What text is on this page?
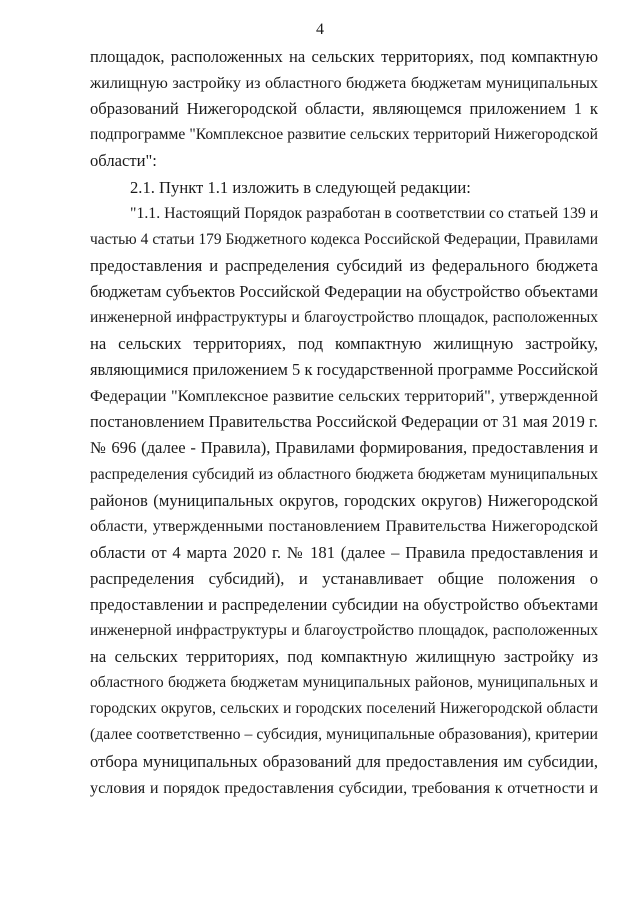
4
площадок, расположенных на сельских территориях, под компактную
жилищную застройку из областного бюджета бюджетам муниципальных
образований Нижегородской области, являющемся приложением 1 к
подпрограмме "Комплексное развитие сельских территорий Нижегородской
области":
2.1. Пункт 1.1 изложить в следующей редакции:
"1.1. Настоящий Порядок разработан в соответствии со статьей 139 и
частью 4 статьи 179 Бюджетного кодекса Российской Федерации, Правилами
предоставления и распределения субсидий из федерального бюджета
бюджетам субъектов Российской Федерации на обустройство объектами
инженерной инфраструктуры и благоустройство площадок, расположенных
на сельских территориях, под компактную жилищную застройку,
являющимися приложением 5 к государственной программе Российской
Федерации "Комплексное развитие сельских территорий", утвержденной
постановлением Правительства Российской Федерации от 31 мая 2019 г.
№ 696 (далее - Правила), Правилами формирования, предоставления и
распределения субсидий из областного бюджета бюджетам муниципальных
районов (муниципальных округов, городских округов) Нижегородской
области, утвержденными постановлением Правительства Нижегородской
области от 4 марта 2020 г. № 181 (далее – Правила предоставления и
распределения субсидий), и устанавливает общие положения о
предоставлении и распределении субсидии на обустройство объектами
инженерной инфраструктуры и благоустройство площадок, расположенных
на сельских территориях, под компактную жилищную застройку из
областного бюджета бюджетам муниципальных районов, муниципальных и
городских округов, сельских и городских поселений Нижегородской области
(далее соответственно – субсидия, муниципальные образования), критерии
отбора муниципальных образований для предоставления им субсидии,
условия и порядок предоставления субсидии, требования к отчетности и
